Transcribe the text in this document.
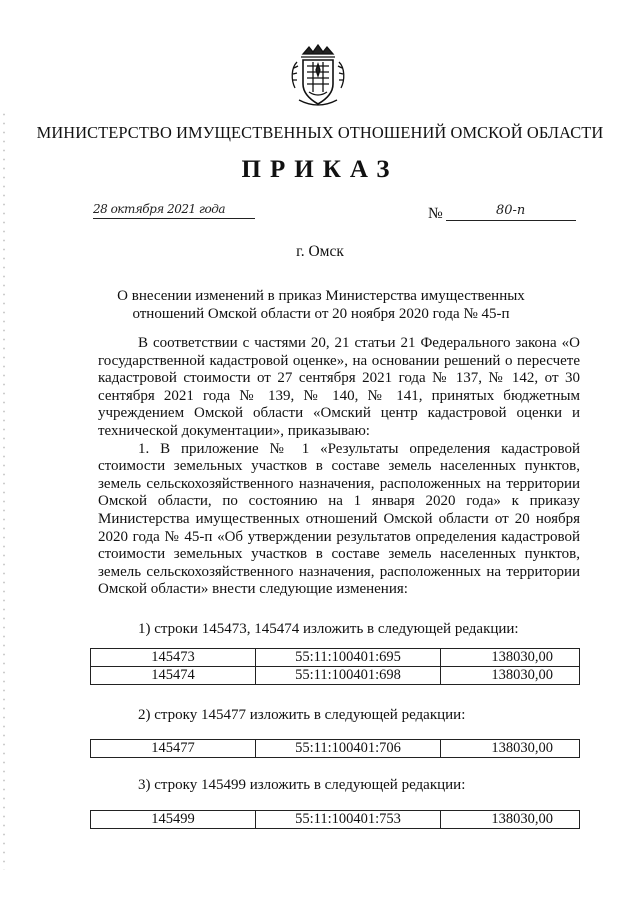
МИНИСТЕРСТВО ИМУЩЕСТВЕННЫХ ОТНОШЕНИЙ ОМСКОЙ ОБЛАСТИ
ПРИКАЗ
28 октября 2021 года	№	80-п
г. Омск
О внесении изменений в приказ Министерства имущественных отношений Омской области от 20 ноября 2020 года № 45-п

В соответствии с частями 20, 21 статьи 21 Федерального закона «О государственной кадастровой оценке», на основании решений о пересчете кадастровой стоимости от 27 сентября 2021 года № 137, № 142, от 30 сентября 2021 года № 139, № 140, № 141, принятых бюджетным учреждением Омской области «Омский центр кадастровой оценки и технической документации», приказываю:

1. В приложение № 1 «Результаты определения кадастровой стоимости земельных участков в составе земель населенных пунктов, земель сельскохозяйственного назначения, расположенных на территории Омской области, по состоянию на 1 января 2020 года» к приказу Министерства имущественных отношений Омской области от 20 ноября 2020 года № 45-п «Об утверждении результатов определения кадастровой стоимости земельных участков в составе земель населенных пунктов, земель сельскохозяйственного назначения, расположенных на территории Омской области» внести следующие изменения:

1) строки 145473, 145474 изложить в следующей редакции:
145473	55:11:100401:695	138030,00
145474	55:11:100401:698	138030,00
2) строку 145477 изложить в следующей редакции:
145477	55:11:100401:706	138030,00
3) строку 145499 изложить в следующей редакции:
145499	55:11:100401:753	138030,00
